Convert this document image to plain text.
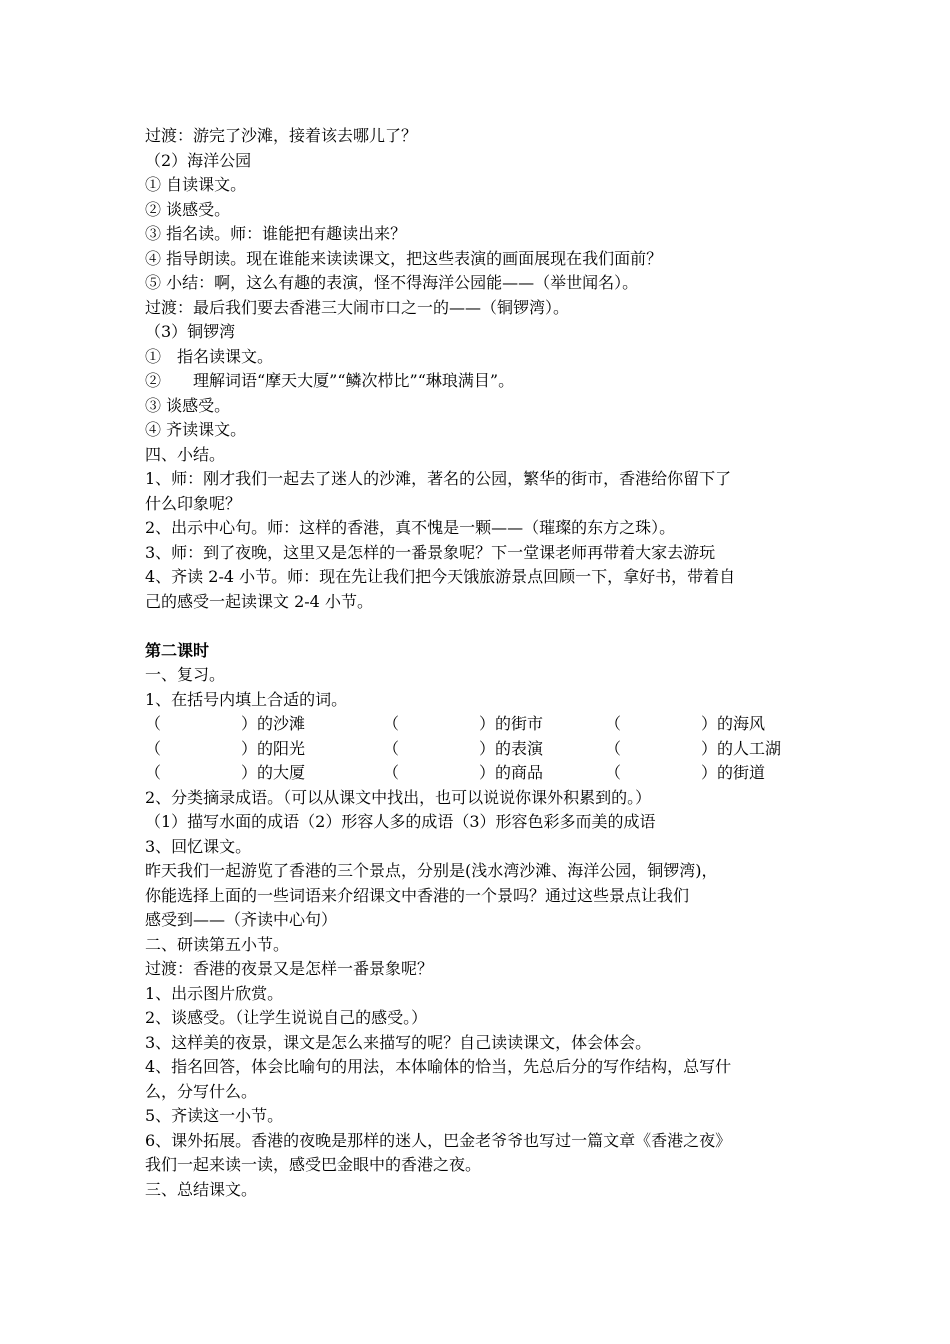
过渡：游完了沙滩，接着该去哪儿了？
（2）海洋公园
① 自读课文。
② 谈感受。
③ 指名读。师：谁能把有趣读出来？
④ 指导朗读。现在谁能来读读课文，把这些表演的画面展现在我们面前？
⑤ 小结：啊，这么有趣的表演，怪不得海洋公园能——（举世闻名）。
过渡：最后我们要去香港三大闹市口之一的——（铜锣湾）。
（3）铜锣湾
①　指名读课文。
②　　理解词语“摩天大厦”“鳞次栉比”“琳琅满目”。
③ 谈感受。
④ 齐读课文。
四、小结。
1、师：刚才我们一起去了迷人的沙滩，著名的公园，繁华的街市，香港给你留下了
什么印象呢？
2、出示中心句。师：这样的香港，真不愧是一颗——（璀璨的东方之珠）。
3、师：到了夜晚，这里又是怎样的一番景象呢？下一堂课老师再带着大家去游玩
4、齐读 2-4 小节。师：现在先让我们把今天饿旅游景点回顾一下，拿好书，带着自
己的感受一起读课文 2-4 小节。
第二课时
一、复习。
1、在括号内填上合适的词。
（　　　　　）的沙滩	（　　　　　）的街市	（　　　　　）的海风
（　　　　　）的阳光	（　　　　　）的表演	（　　　　　）的人工湖
（　　　　　）的大厦	（　　　　　）的商品	（　　　　　）的街道
2、分类摘录成语。（可以从课文中找出，也可以说说你课外积累到的。）
（1）描写水面的成语（2）形容人多的成语（3）形容色彩多而美的成语
3、回忆课文。
昨天我们一起游览了香港的三个景点，分别是(浅水湾沙滩、海洋公园，铜锣湾)，
你能选择上面的一些词语来介绍课文中香港的一个景吗？通过这些景点让我们
感受到——（齐读中心句）
二、研读第五小节。
过渡：香港的夜景又是怎样一番景象呢？
1、出示图片欣赏。
2、谈感受。（让学生说说自己的感受。）
3、这样美的夜景，课文是怎么来描写的呢？自己读读课文，体会体会。
4、指名回答，体会比喻句的用法，本体喻体的恰当，先总后分的写作结构，总写什
么，分写什么。
5、齐读这一小节。
6、课外拓展。香港的夜晚是那样的迷人，巴金老爷爷也写过一篇文章《香港之夜》
我们一起来读一读，感受巴金眼中的香港之夜。
三、总结课文。
